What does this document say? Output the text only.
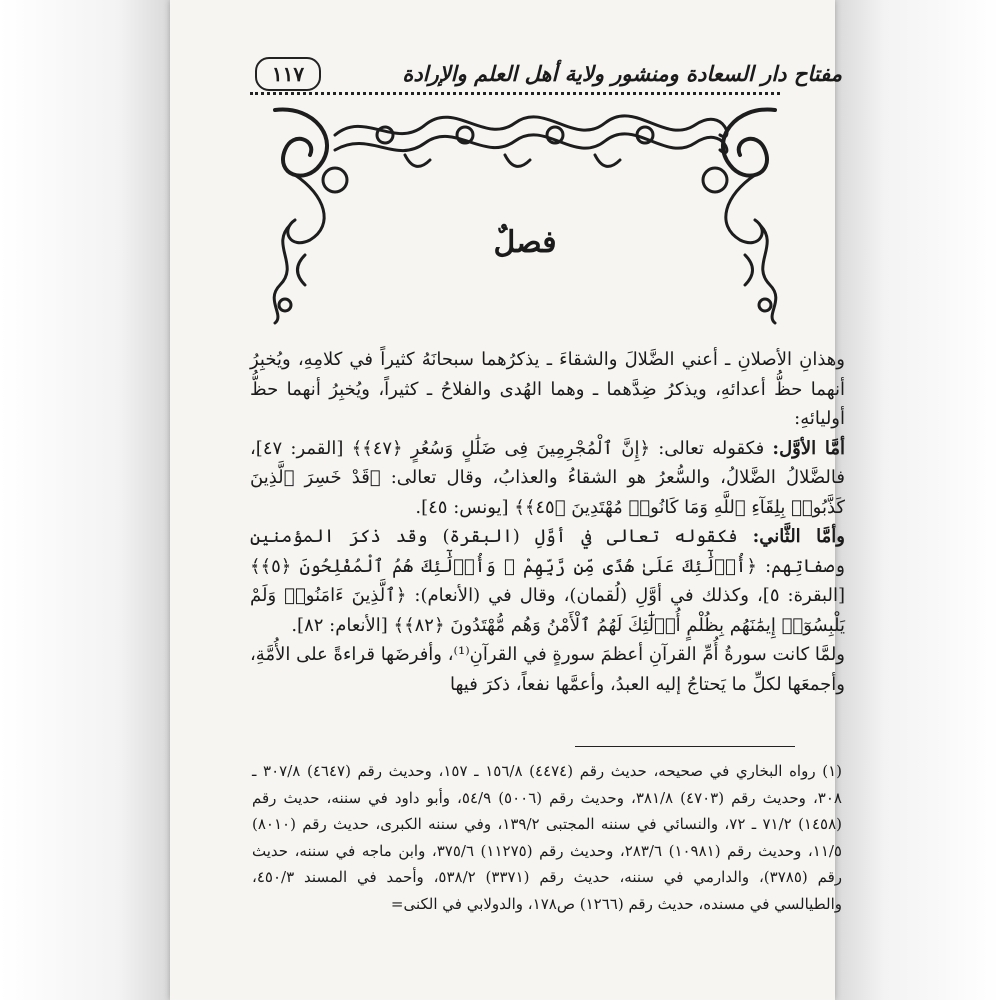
مفتاح دار السعادة ومنشور ولاية أهل العلم والإرادة
١١٧
فصلٌ

وهذانِ الأصلانِ ـ أعني الضَّلالَ والشقاءَ ـ يذكرُهما سبحانَهُ كثيراً في كلامِهِ، ويُخبِرُ أنهما حظُّ أعدائهِ، ويذكرُ ضِدَّهما ـ وهما الهُدى والفلاحُ ـ كثيراً، ويُخبِرُ أنهما حظُّ أوليائهِ:

أمَّا الأوَّل: فكقوله تعالى: ﴿إِنَّ ٱلْمُجْرِمِينَ فِى ضَلَٰلٍ وَسُعُرٍ ﴿٤٧﴾﴾ [القمر: ٤٧]، فالضَّلالُ الضَّلالُ، والسُّعرُ هو الشقاءُ والعذابُ، وقال تعالى: ﴿قَدْ خَسِرَ ٱلَّذِينَ كَذَّبُوا۟ بِلِقَآءِ ٱللَّهِ وَمَا كَانُوا۟ مُهْتَدِينَ ﴿٤٥﴾﴾ [يونس: ٤٥].

وأمَّا الثَّاني: فكقوله تعالى في أوَّلِ (البقرة) وقد ذكرَ المؤمنين وصفاتِهم: ﴿أُو۟لَٰٓئِكَ عَلَىٰ هُدًى مِّن رَّبِّهِمْ ۖ وَأُو۟لَٰٓئِكَ هُمُ ٱلْمُفْلِحُونَ ﴿٥﴾﴾ [البقرة: ٥]، وكذلك في أوَّلِ (لُقمان)، وقال في (الأنعام): ﴿ٱلَّذِينَ ءَامَنُوا۟ وَلَمْ يَلْبِسُوٓا۟ إِيمَٰنَهُم بِظُلْمٍ أُو۟لَٰٓئِكَ لَهُمُ ٱلْأَمْنُ وَهُم مُّهْتَدُونَ ﴿٨٢﴾﴾ [الأنعام: ٨٢].

ولمَّا كانت سورةُ أُمِّ القرآنِ أعظمَ سورةٍ في القرآنِ⁽¹⁾، وأفرضَها قراءةً على الأُمَّةِ، وأجمعَها لكلِّ ما يَحتاجُ إليه العبدُ، وأعمَّها نفعاً، ذكرَ فيها

(١) رواه البخاري في صحيحه، حديث رقم (٤٤٧٤) ١٥٦/٨ ـ ١٥٧، وحديث رقم (٤٦٤٧) ٣٠٧/٨ ـ ٣٠٨، وحديث رقم (٤٧٠٣) ٣٨١/٨، وحديث رقم (٥٠٠٦) ٥٤/٩، وأبو داود في سننه، حديث رقم (١٤٥٨) ٧١/٢ ـ ٧٢، والنسائي في سننه المجتبى ١٣٩/٢، وفي سننه الكبرى، حديث رقم (٨٠١٠) ١١/٥، وحديث رقم (١٠٩٨١) ٢٨٣/٦، وحديث رقم (١١٢٧٥) ٣٧٥/٦، وابن ماجه في سننه، حديث رقم (٣٧٨٥)، والدارمي في سننه، حديث رقم (٣٣٧١) ٥٣٨/٢، وأحمد في المسند ٤٥٠/٣، والطيالسي في مسنده، حديث رقم (١٢٦٦) ص١٧٨، والدولابي في الكنى=
